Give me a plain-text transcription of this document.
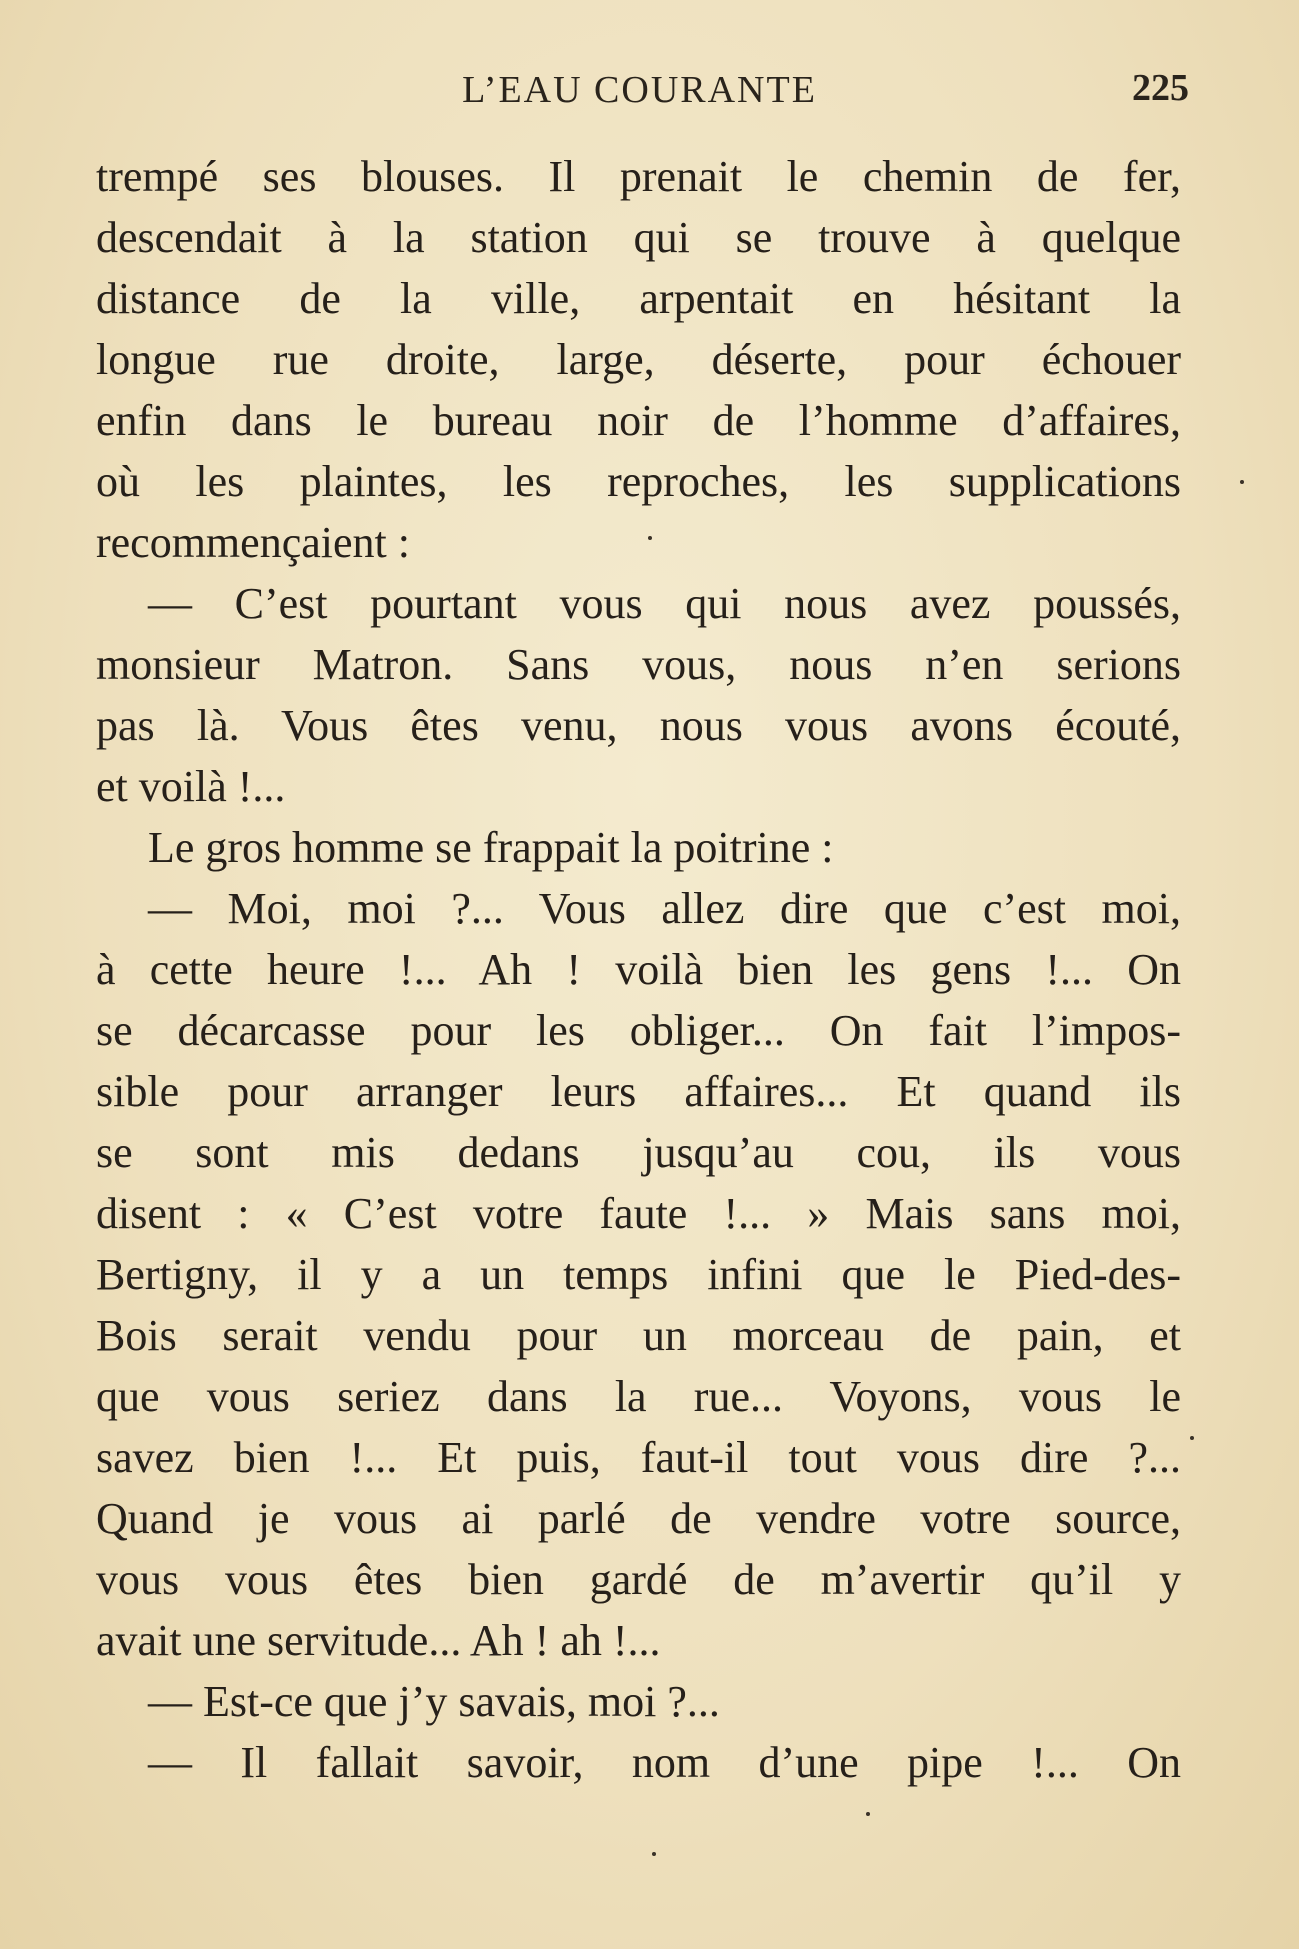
L’EAU COURANTE	225
trempé ses blouses. Il prenait le chemin de fer,
descendait à la station qui se trouve à quelque
distance de la ville, arpentait en hésitant la
longue rue droite, large, déserte, pour échouer
enfin dans le bureau noir de l’homme d’affaires,
où les plaintes, les reproches, les supplications
recommençaient :
— C’est pourtant vous qui nous avez poussés,
monsieur Matron. Sans vous, nous n’en serions
pas là. Vous êtes venu, nous vous avons écouté,
et voilà !...
Le gros homme se frappait la poitrine :
— Moi, moi ?... Vous allez dire que c’est moi,
à cette heure !... Ah ! voilà bien les gens !... On
se décarcasse pour les obliger... On fait l’impos-
sible pour arranger leurs affaires... Et quand ils
se sont mis dedans jusqu’au cou, ils vous
disent : « C’est votre faute !... » Mais sans moi,
Bertigny, il y a un temps infini que le Pied-des-
Bois serait vendu pour un morceau de pain, et
que vous seriez dans la rue... Voyons, vous le
savez bien !... Et puis, faut-il tout vous dire ?...
Quand je vous ai parlé de vendre votre source,
vous vous êtes bien gardé de m’avertir qu’il y
avait une servitude... Ah ! ah !...
— Est-ce que j’y savais, moi ?...
— Il fallait savoir, nom d’une pipe !... On
